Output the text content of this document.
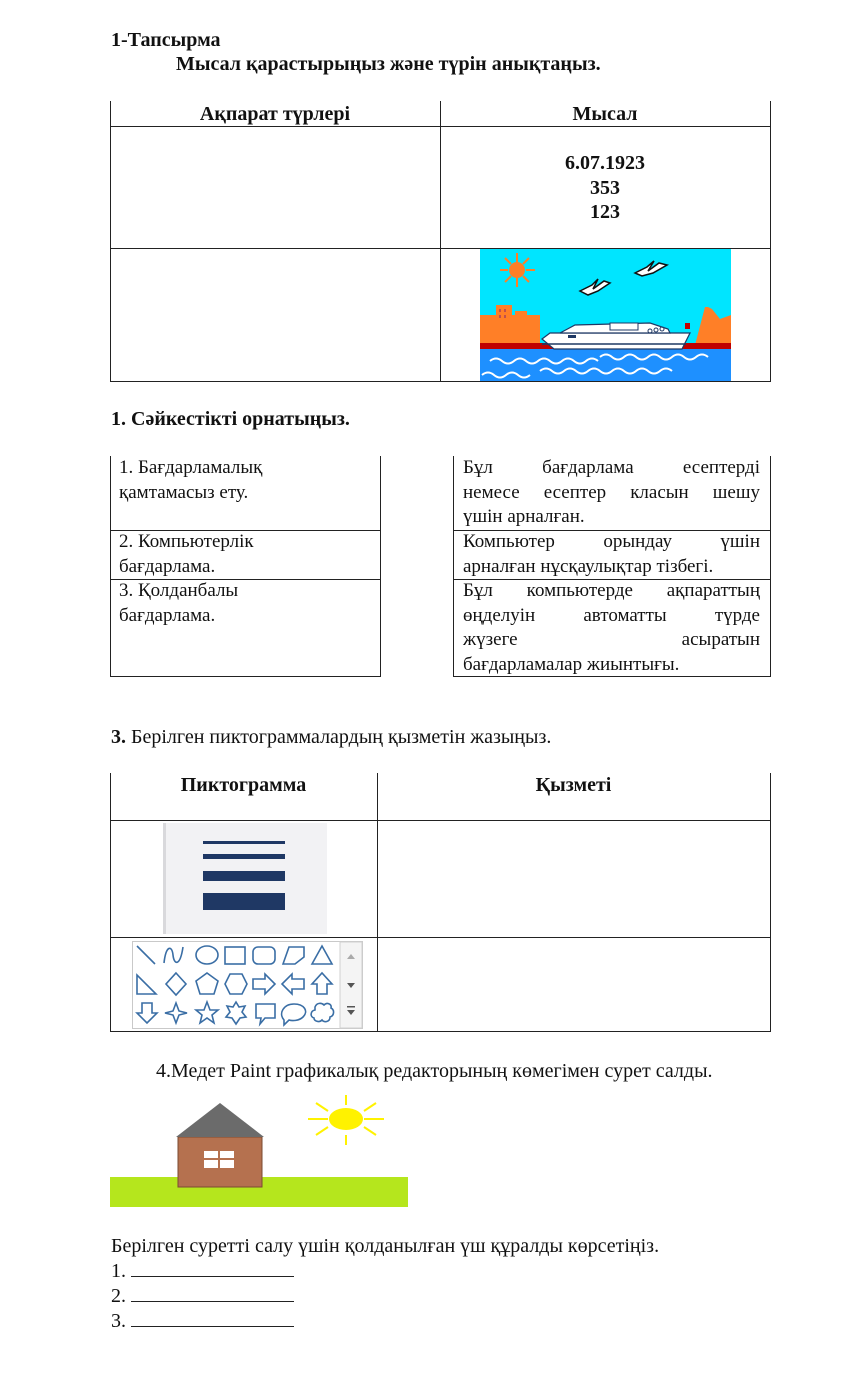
1-Тапсырма
Мысал қарастырыңыз және түрін анықтаңыз.
Ақпарат түрлері	Мысал
6.07.1923
353
123
1. Сәйкестікті орнатыңыз.
1. Бағдарламалық
қамтамасыз ету.
2. Компьютерлік
бағдарлама.
3. Қолданбалы
бағдарлама.
Бұл бағдарлама есептерді
немесе есептер класын шешу
үшін арналған.
Компьютер орындау үшін
арналған нұсқаулықтар тізбегі.
Бұл компьютерде ақпараттың
өңделуін автоматты түрде
жүзеге асыратын
бағдарламалар жиынтығы.
3. Берілген пиктограммалардың қызметін жазыңыз.
Пиктограмма	Қызметі
4.Медет Paint графикалық редакторының көмегімен сурет салды.
Берілген суретті салу үшін қолданылған үш құралды көрсетіңіз.
1.
2.
3.
